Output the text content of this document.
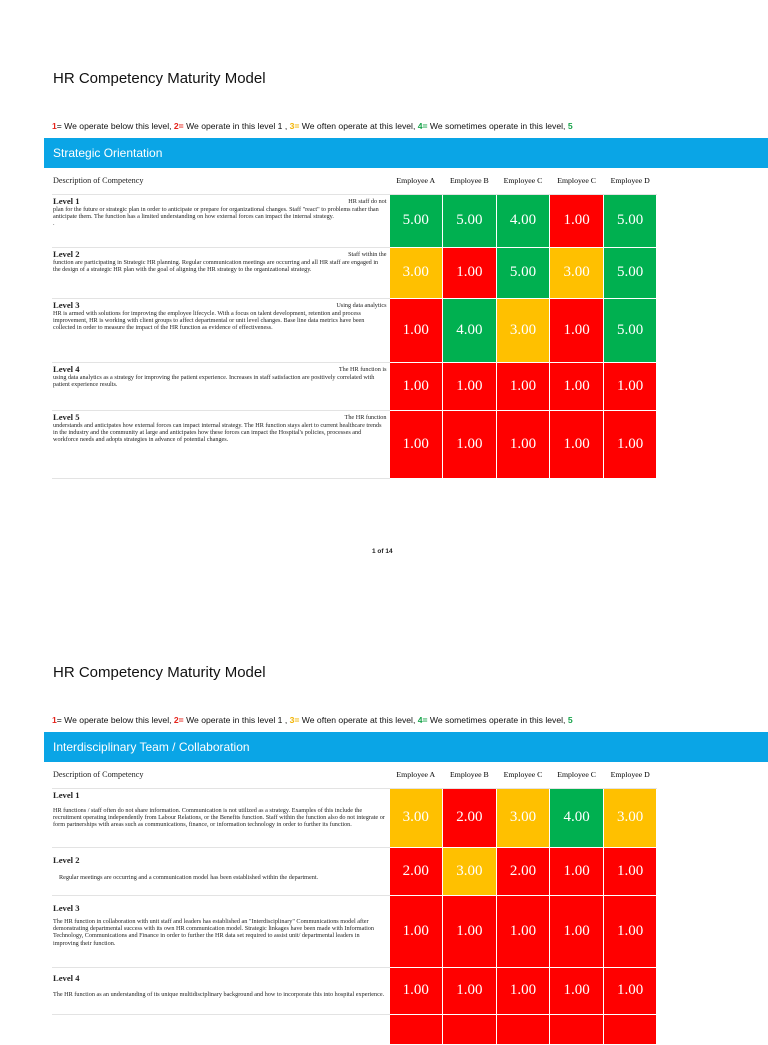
HR Competency Maturity Model
1= We operate below this level, 2= We operate in this level 1 , 3= We often operate at this level, 4= We sometimes operate in this level, 5
Strategic Orientation
Description of Competency	Employee A	Employee B	Employee C	Employee C	Employee D

Level 1 HR staff do not
plan for the future or strategic plan in order to anticipate or prepare for organizational changes. Staff "react" to problems rather than anticipate them. The function has a limited understanding on how external forces can impact the internal strategy.
.	5.00	5.00	4.00	1.00	5.00

Level 2 Staff within the
function are participating in Strategic HR planning. Regular communication meetings are occurring and all HR staff are engaged in the design of a strategic HR plan with the goal of aligning the HR strategy to the organizational strategy.	3.00	1.00	5.00	3.00	5.00

Level 3 Using data analytics
HR is armed with solutions for improving the employee lifecycle. With a focus on talent development, retention and process improvement, HR is working with client groups to affect departmental or unit level changes. Base line data metrics have been collected in order to measure the impact of the HR function as evidence of effectiveness.	1.00	4.00	3.00	1.00	5.00

Level 4 The HR function is
using data analytics as a strategy for improving the patient experience. Increases in staff satisfaction are positively correlated with patient experience results.	1.00	1.00	1.00	1.00	1.00

Level 5 The HR function
understands and anticipates how external forces can impact internal strategy. The HR function stays alert to current healthcare trends in the industry and the community at large and anticipates how these forces can impact the Hospital's policies, processes and workforce needs and adopts strategies in advance of potential changes.	1.00	1.00	1.00	1.00	1.00
1 of 14
HR Competency Maturity Model
1= We operate below this level, 2= We operate in this level 1 , 3= We often operate at this level, 4= We sometimes operate in this level, 5
Interdisciplinary Team / Collaboration
Description of Competency	Employee A	Employee B	Employee C	Employee C	Employee D

Level 1
HR functions / staff often do not share information. Communication is not utilized as a strategy. Examples of this include the recruitment operating independently from Labour Relations, or the Benefits function. Staff within the function also do not integrate or form partnerships with areas such as communications, finance, or information technology in order to further its function.	3.00	2.00	3.00	4.00	3.00

Level 2
Regular meetings are occurring and a communication model has been established within the department.	2.00	3.00	2.00	1.00	1.00

Level 3
The HR function in collaboration with unit staff and leaders has established an "Interdisciplinary" Communications model after demonstrating departmental success with its own HR communication model. Strategic linkages have been made with Information Technology, Communications and Finance in order to further the HR data set required to assist unit/ departmental leaders in improving their function.	1.00	1.00	1.00	1.00	1.00

Level 4
The HR function as an understanding of its unique multidisciplinary background and how to incorporate this into hospital experience.	1.00	1.00	1.00	1.00	1.00
